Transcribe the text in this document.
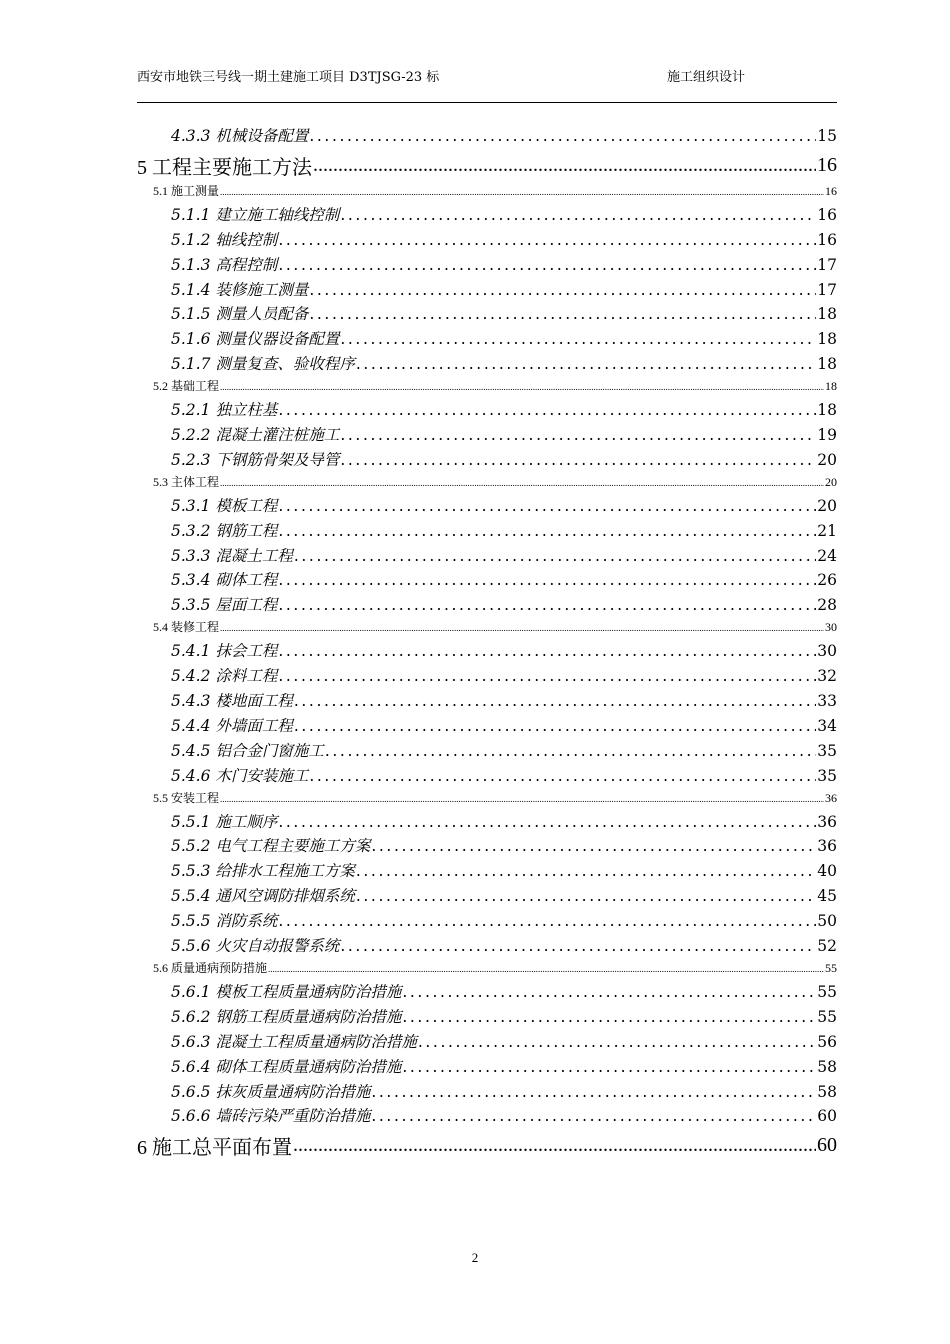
西安市地铁三号线一期土建施工项目 D3TJSG-23 标	施工组织设计
4.3.3 机械设备配置 .....	15
5 工程主要施工方法 .....	16
5.1 施工测量 .....	16
5.1.1 建立施工轴线控制 .....	16
5.1.2 轴线控制 .....	16
5.1.3 高程控制 .....	17
5.1.4 装修施工测量 .....	17
5.1.5 测量人员配备 .....	18
5.1.6 测量仪器设备配置 .....	18
5.1.7 测量复查、验收程序 .....	18
5.2 基础工程 .....	18
5.2.1 独立柱基 .....	18
5.2.2 混凝土灌注桩施工 .....	19
5.2.3 下钢筋骨架及导管 .....	20
5.3 主体工程 .....	20
5.3.1 模板工程 .....	20
5.3.2 钢筋工程 .....	21
5.3.3 混凝土工程 .....	24
5.3.4 砌体工程 .....	26
5.3.5 屋面工程 .....	28
5.4 装修工程 .....	30
5.4.1 抹会工程 .....	30
5.4.2 涂料工程 .....	32
5.4.3 楼地面工程 .....	33
5.4.4 外墙面工程 .....	34
5.4.5 铝合金门窗施工 .....	35
5.4.6 木门安装施工 .....	35
5.5 安装工程 .....	36
5.5.1 施工顺序 .....	36
5.5.2 电气工程主要施工方案 .....	36
5.5.3 给排水工程施工方案 .....	40
5.5.4 通风空调防排烟系统 .....	45
5.5.5 消防系统 .....	50
5.5.6 火灾自动报警系统 .....	52
5.6 质量通病预防措施 .....	55
5.6.1 模板工程质量通病防治措施 .....	55
5.6.2 钢筋工程质量通病防治措施 .....	55
5.6.3 混凝土工程质量通病防治措施 .....	56
5.6.4 砌体工程质量通病防治措施 .....	58
5.6.5 抹灰质量通病防治措施 .....	58
5.6.6 墙砖污染严重防治措施 .....	60
6 施工总平面布置 .....	60
2
